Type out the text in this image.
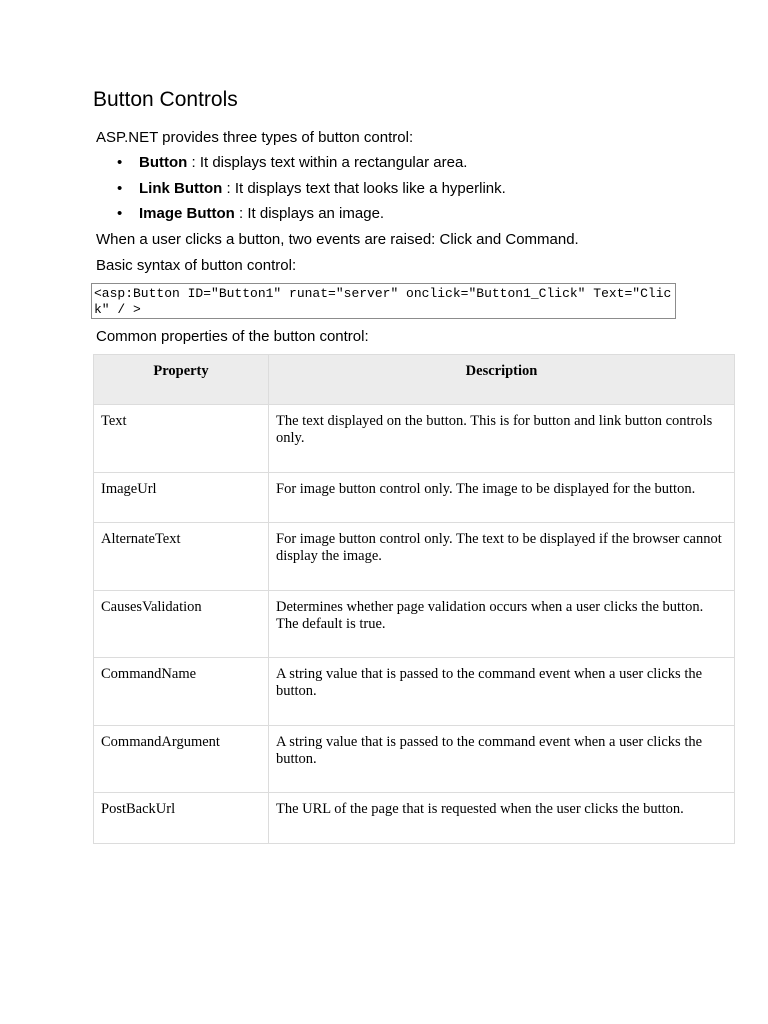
Button Controls

ASP.NET provides three types of button control:

• Button : It displays text within a rectangular area.
• Link Button : It displays text that looks like a hyperlink.
• Image Button : It displays an image.

When a user clicks a button, two events are raised: Click and Command.

Basic syntax of button control:

<asp:Button ID="Button1" runat="server" onclick="Button1_Click" Text="Click" / >

Common properties of the button control:

Property	Description
Text	The text displayed on the button. This is for button and link button controls only.
ImageUrl	For image button control only. The image to be displayed for the button.
AlternateText	For image button control only. The text to be displayed if the browser cannot display the image.
CausesValidation	Determines whether page validation occurs when a user clicks the button. The default is true.
CommandName	A string value that is passed to the command event when a user clicks the button.
CommandArgument	A string value that is passed to the command event when a user clicks the button.
PostBackUrl	The URL of the page that is requested when the user clicks the button.
